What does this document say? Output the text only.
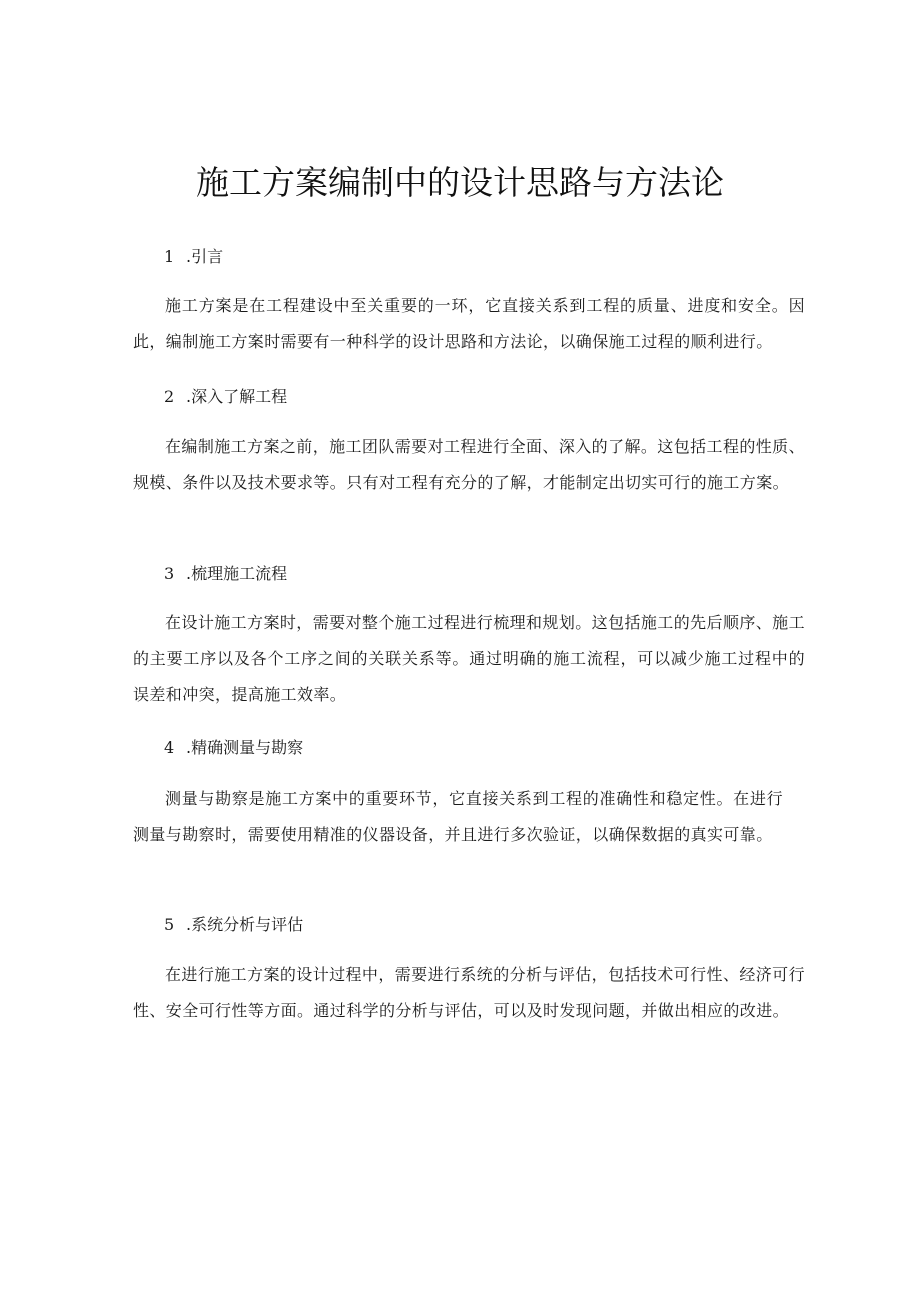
施工方案编制中的设计思路与方法论
1 .引言

施工方案是在工程建设中至关重要的一环，它直接关系到工程的质量、进度和安全。因此，编制施工方案时需要有一种科学的设计思路和方法论，以确保施工过程的顺利进行。

2 .深入了解工程

在编制施工方案之前，施工团队需要对工程进行全面、深入的了解。这包括工程的性质、规模、条件以及技术要求等。只有对工程有充分的了解，才能制定出切实可行的施工方案。

3 .梳理施工流程

在设计施工方案时，需要对整个施工过程进行梳理和规划。这包括施工的先后顺序、施工的主要工序以及各个工序之间的关联关系等。通过明确的施工流程，可以减少施工过程中的误差和冲突，提高施工效率。

4 .精确测量与勘察

测量与勘察是施工方案中的重要环节，它直接关系到工程的准确性和稳定性。在进行测量与勘察时，需要使用精准的仪器设备，并且进行多次验证，以确保数据的真实可靠。

5 .系统分析与评估

在进行施工方案的设计过程中，需要进行系统的分析与评估，包括技术可行性、经济可行性、安全可行性等方面。通过科学的分析与评估，可以及时发现问题，并做出相应的改进。
